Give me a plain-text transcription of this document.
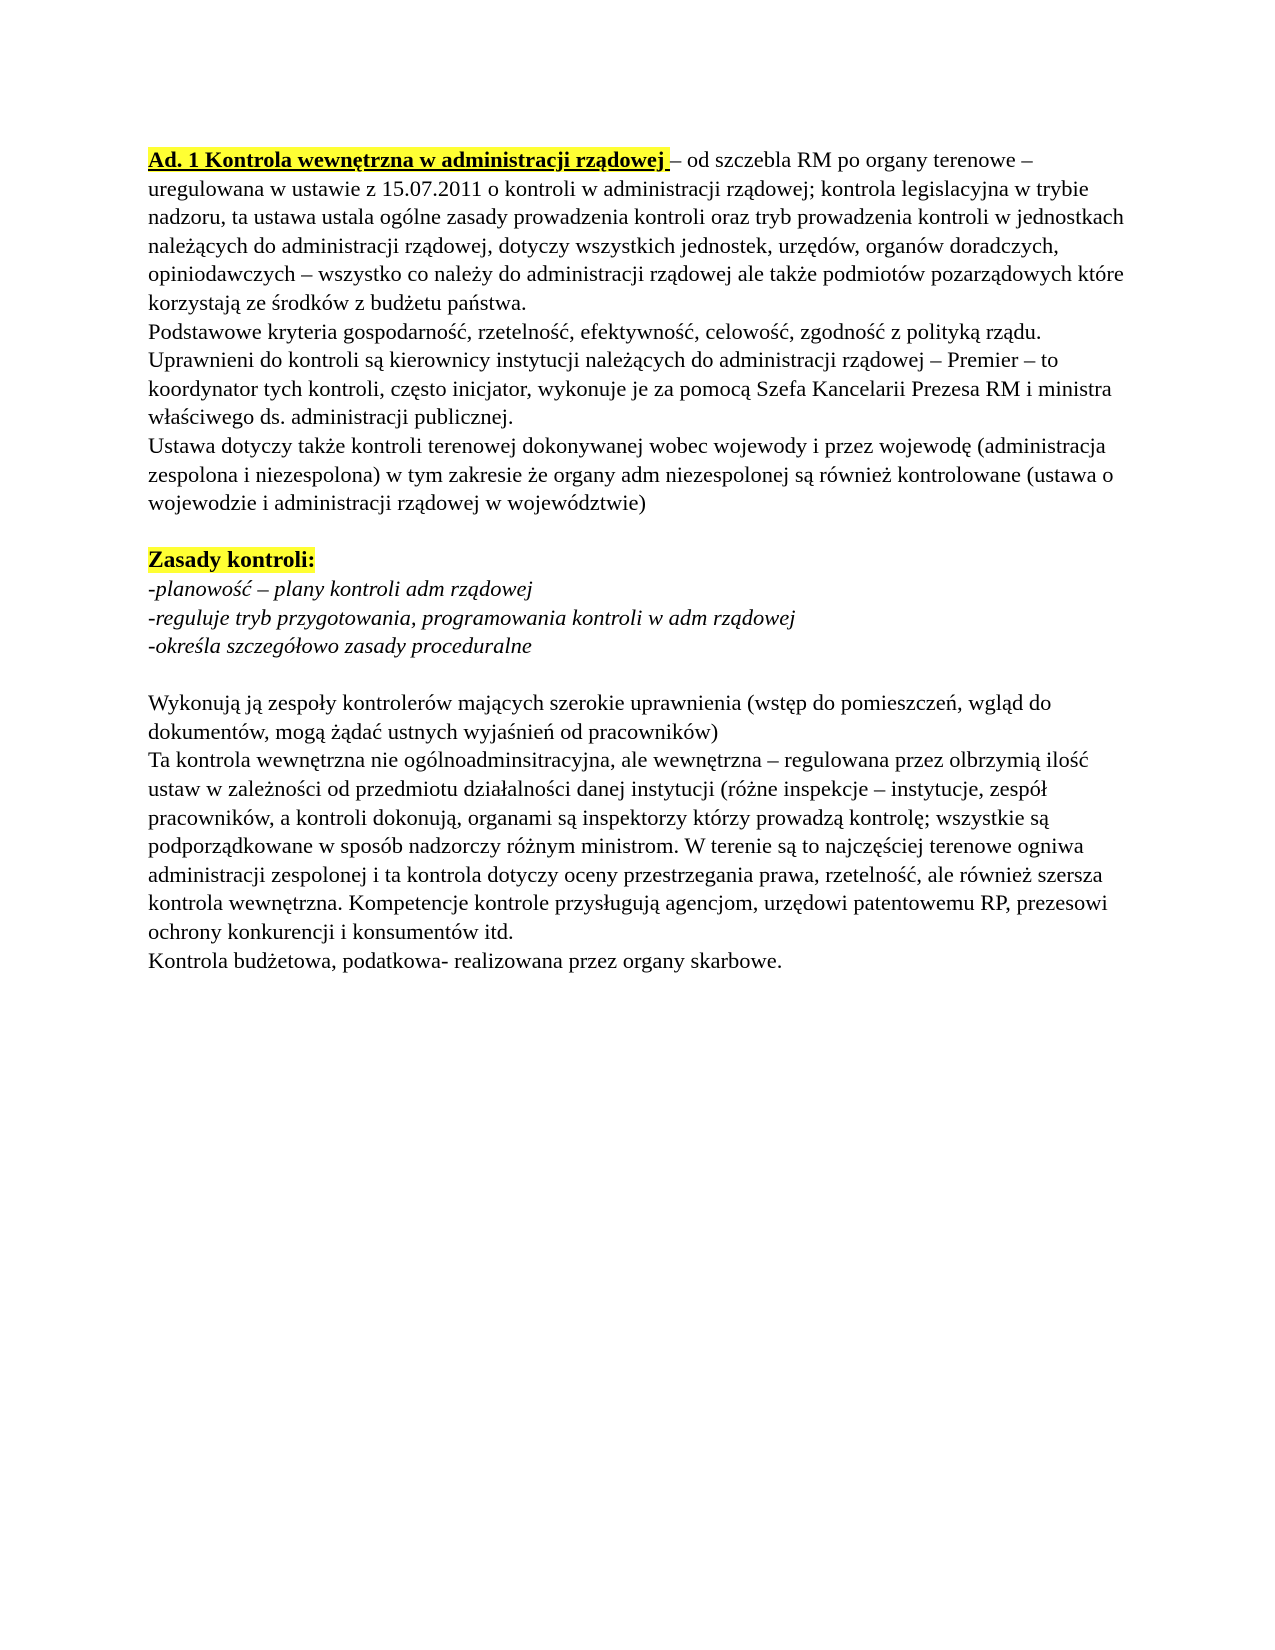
Ad. 1 Kontrola wewnętrzna w administracji rządowej – od szczebla RM po organy terenowe – uregulowana w ustawie z 15.07.2011 o kontroli w administracji rządowej; kontrola legislacyjna w trybie nadzoru, ta ustawa ustala ogólne zasady prowadzenia kontroli oraz tryb prowadzenia kontroli w jednostkach należących do administracji rządowej, dotyczy wszystkich jednostek, urzędów, organów doradczych, opiniodawczych – wszystko co należy do administracji rządowej ale także podmiotów pozarządowych które korzystają ze środków z budżetu państwa.

Podstawowe kryteria gospodarność, rzetelność, efektywność, celowość, zgodność z polityką rządu.

Uprawnieni do kontroli są kierownicy instytucji należących do administracji rządowej – Premier – to koordynator tych kontroli, często inicjator, wykonuje je za pomocą Szefa Kancelarii Prezesa RM i ministra właściwego ds. administracji publicznej.

Ustawa dotyczy także kontroli terenowej dokonywanej wobec wojewody i przez wojewodę (administracja zespolona i niezespolona) w tym zakresie że organy adm niezespolonej są również kontrolowane (ustawa o wojewodzie i administracji rządowej w województwie)

Zasady kontroli:

-planowość – plany kontroli adm rządowej

-reguluje tryb przygotowania, programowania kontroli w adm rządowej

-określa szczegółowo zasady proceduralne

Wykonują ją zespoły kontrolerów mających szerokie uprawnienia (wstęp do pomieszczeń, wgląd do dokumentów, mogą żądać ustnych wyjaśnień od pracowników)

Ta kontrola wewnętrzna nie ogólnoadminsitracyjna, ale wewnętrzna – regulowana przez olbrzymią ilość ustaw w zależności od przedmiotu działalności danej instytucji (różne inspekcje – instytucje, zespół pracowników, a kontroli dokonują, organami są inspektorzy którzy prowadzą kontrolę; wszystkie są podporządkowane w sposób nadzorczy różnym ministrom. W terenie są to najczęściej terenowe ogniwa administracji zespolonej i ta kontrola dotyczy oceny przestrzegania prawa, rzetelność, ale również szersza kontrola wewnętrzna. Kompetencje kontrole przysługują agencjom, urzędowi patentowemu RP, prezesowi ochrony konkurencji i konsumentów itd.

Kontrola budżetowa, podatkowa- realizowana przez organy skarbowe.
